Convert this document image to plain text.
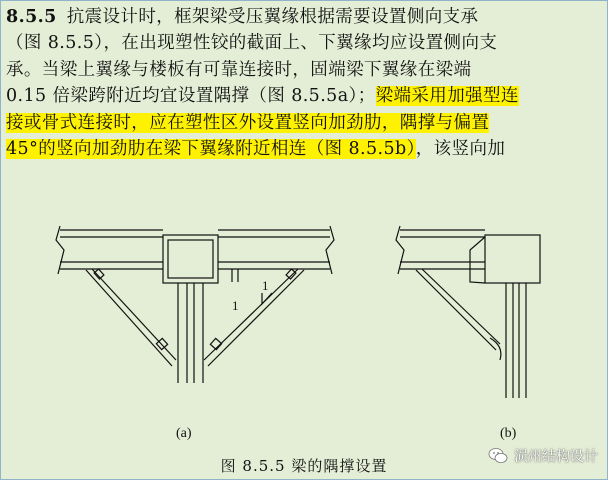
8.5.5 抗震设计时，框架梁受压翼缘根据需要设置侧向支承
（图 8.5.5），在出现塑性铰的截面上、下翼缘均应设置侧向支
承。当梁上翼缘与楼板有可靠连接时，固端梁下翼缘在梁端
0.15 倍梁跨附近均宜设置隅撑（图 8.5.5a）；梁端采用加强型连
接或骨式连接时，应在塑性区外设置竖向加劲肋，隅撑与偏置
45°的竖向加劲肋在梁下翼缘附近相连（图 8.5.5b），该竖向加
1
1
(a)	(b)
图 8.5.5 梁的隅撑设置	涢州结构设计
